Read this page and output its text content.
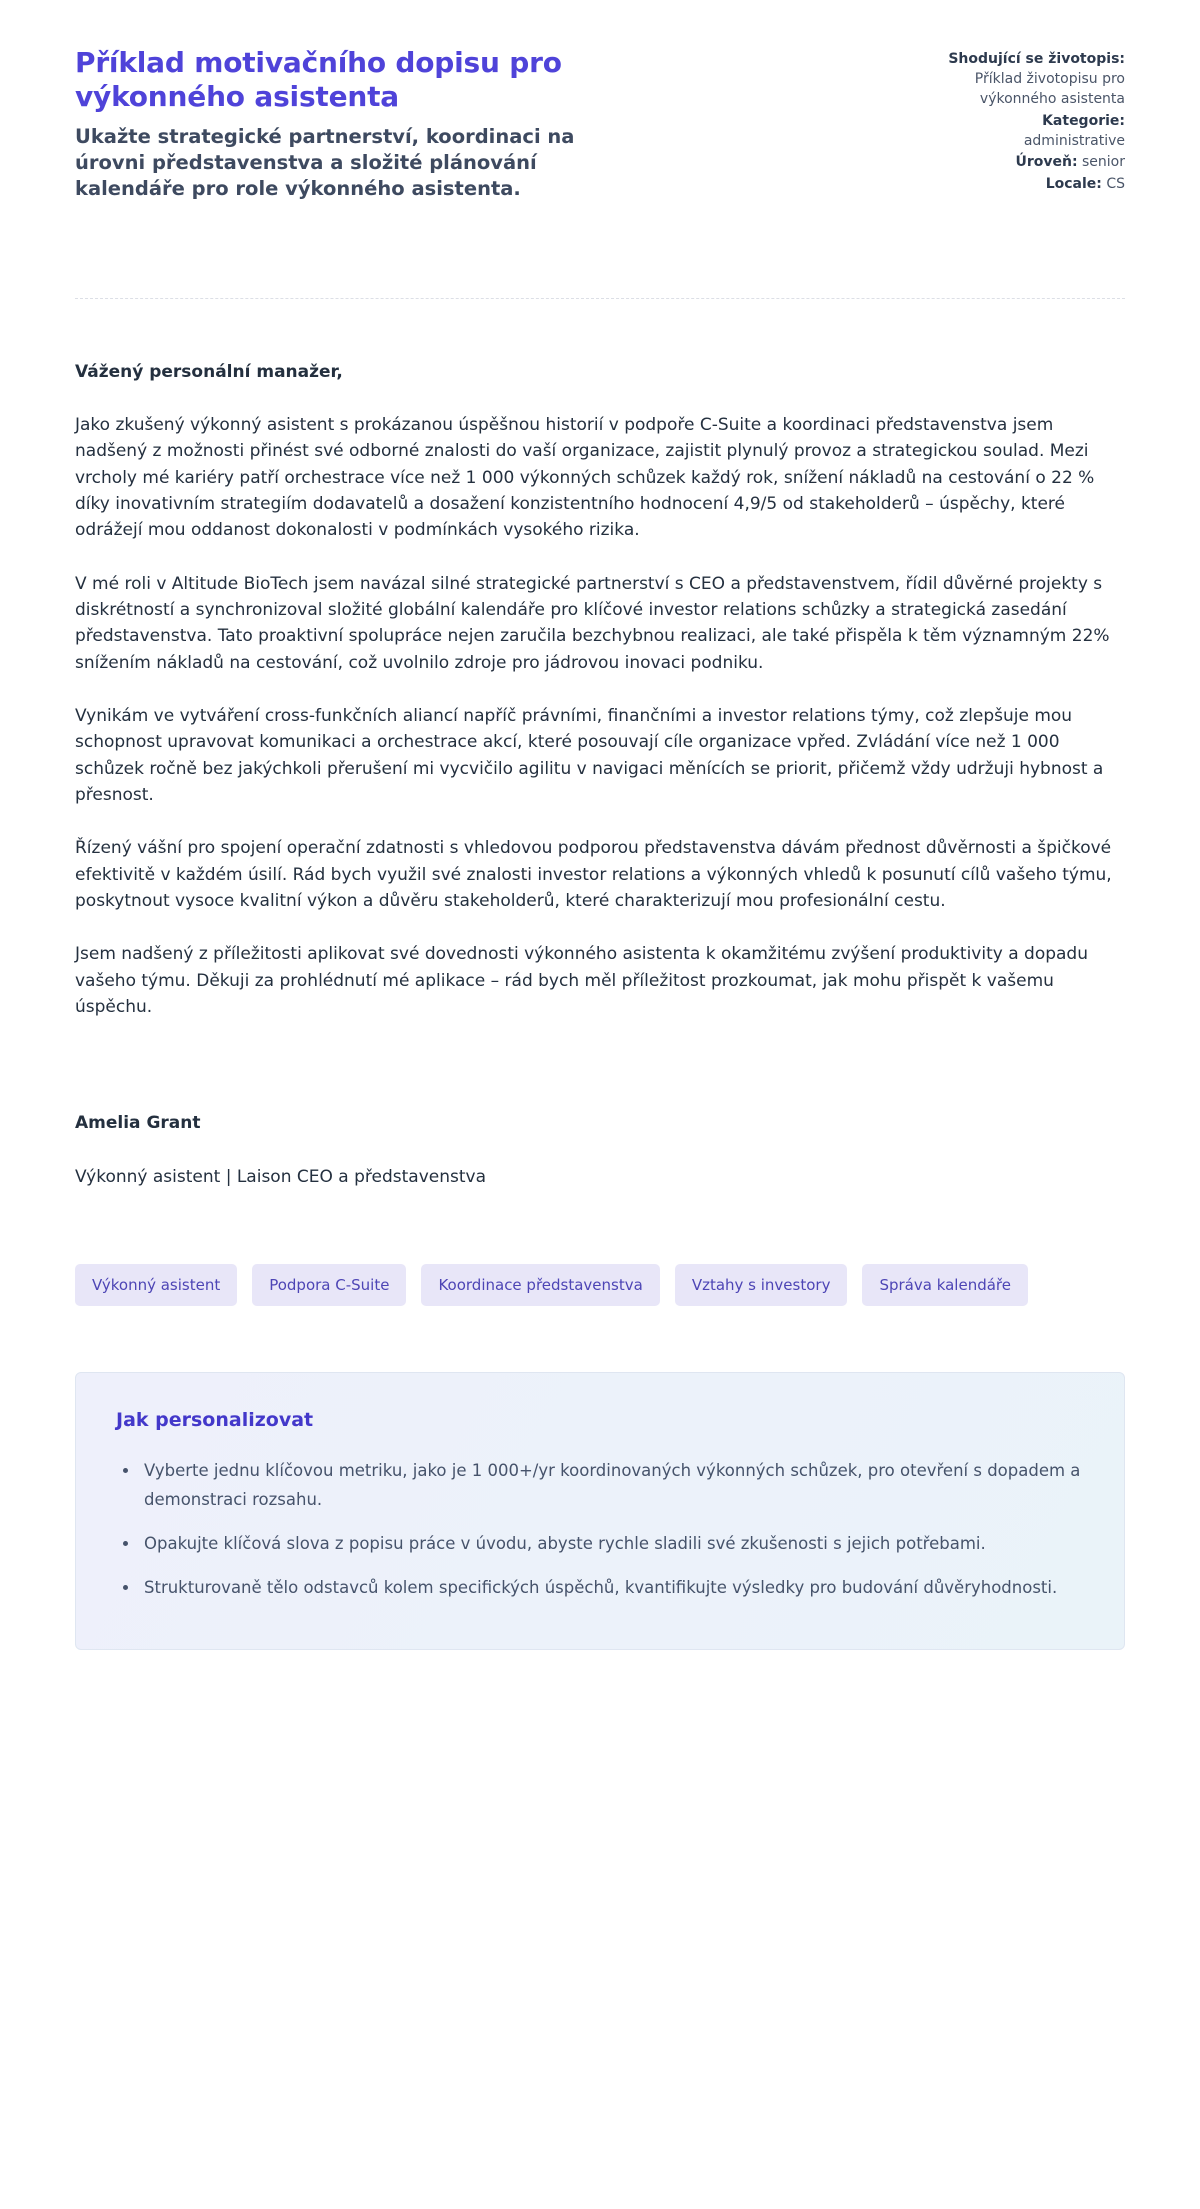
Příklad motivačního dopisu pro výkonného asistenta

Ukažte strategické partnerství, koordinaci na úrovni představenstva a složité plánování kalendáře pro role výkonného asistenta.

Shodující se životopis: Příklad životopisu pro výkonného asistenta
Kategorie: administrative
Úroveň: senior
Locale: CS

Vážený personální manažer,

Jako zkušený výkonný asistent s prokázanou úspěšnou historií v podpoře C-Suite a koordinaci představenstva jsem nadšený z možnosti přinést své odborné znalosti do vaší organizace, zajistit plynulý provoz a strategickou soulad. Mezi vrcholy mé kariéry patří orchestrace více než 1 000 výkonných schůzek každý rok, snížení nákladů na cestování o 22 % díky inovativním strategiím dodavatelů a dosažení konzistentního hodnocení 4,9/5 od stakeholderů – úspěchy, které odrážejí mou oddanost dokonalosti v podmínkách vysokého rizika.

V mé roli v Altitude BioTech jsem navázal silné strategické partnerství s CEO a představenstvem, řídil důvěrné projekty s diskrétností a synchronizoval složité globální kalendáře pro klíčové investor relations schůzky a strategická zasedání představenstva. Tato proaktivní spolupráce nejen zaručila bezchybnou realizaci, ale také přispěla k těm významným 22% snížením nákladů na cestování, což uvolnilo zdroje pro jádrovou inovaci podniku.

Vynikám ve vytváření cross-funkčních aliancí napříč právními, finančními a investor relations týmy, což zlepšuje mou schopnost upravovat komunikaci a orchestrace akcí, které posouvají cíle organizace vpřed. Zvládání více než 1 000 schůzek ročně bez jakýchkoli přerušení mi vycvičilo agilitu v navigaci měnících se priorit, přičemž vždy udržuji hybnost a přesnost.

Řízený vášní pro spojení operační zdatnosti s vhledovou podporou představenstva dávám přednost důvěrnosti a špičkové efektivitě v každém úsilí. Rád bych využil své znalosti investor relations a výkonných vhledů k posunutí cílů vašeho týmu, poskytnout vysoce kvalitní výkon a důvěru stakeholderů, které charakterizují mou profesionální cestu.

Jsem nadšený z příležitosti aplikovat své dovednosti výkonného asistenta k okamžitému zvýšení produktivity a dopadu vašeho týmu. Děkuji za prohlédnutí mé aplikace – rád bych měl příležitost prozkoumat, jak mohu přispět k vašemu úspěchu.

Amelia Grant

Výkonný asistent | Laison CEO a představenstva

Výkonný asistent	Podpora C-Suite	Koordinace představenstva	Vztahy s investory	Správa kalendáře
Jak personalizovat
• Vyberte jednu klíčovou metriku, jako je 1 000+/yr koordinovaných výkonných schůzek, pro otevření s dopadem a demonstraci rozsahu.
• Opakujte klíčová slova z popisu práce v úvodu, abyste rychle sladili své zkušenosti s jejich potřebami.
• Strukturovaně tělo odstavců kolem specifických úspěchů, kvantifikujte výsledky pro budování důvěryhodnosti.
